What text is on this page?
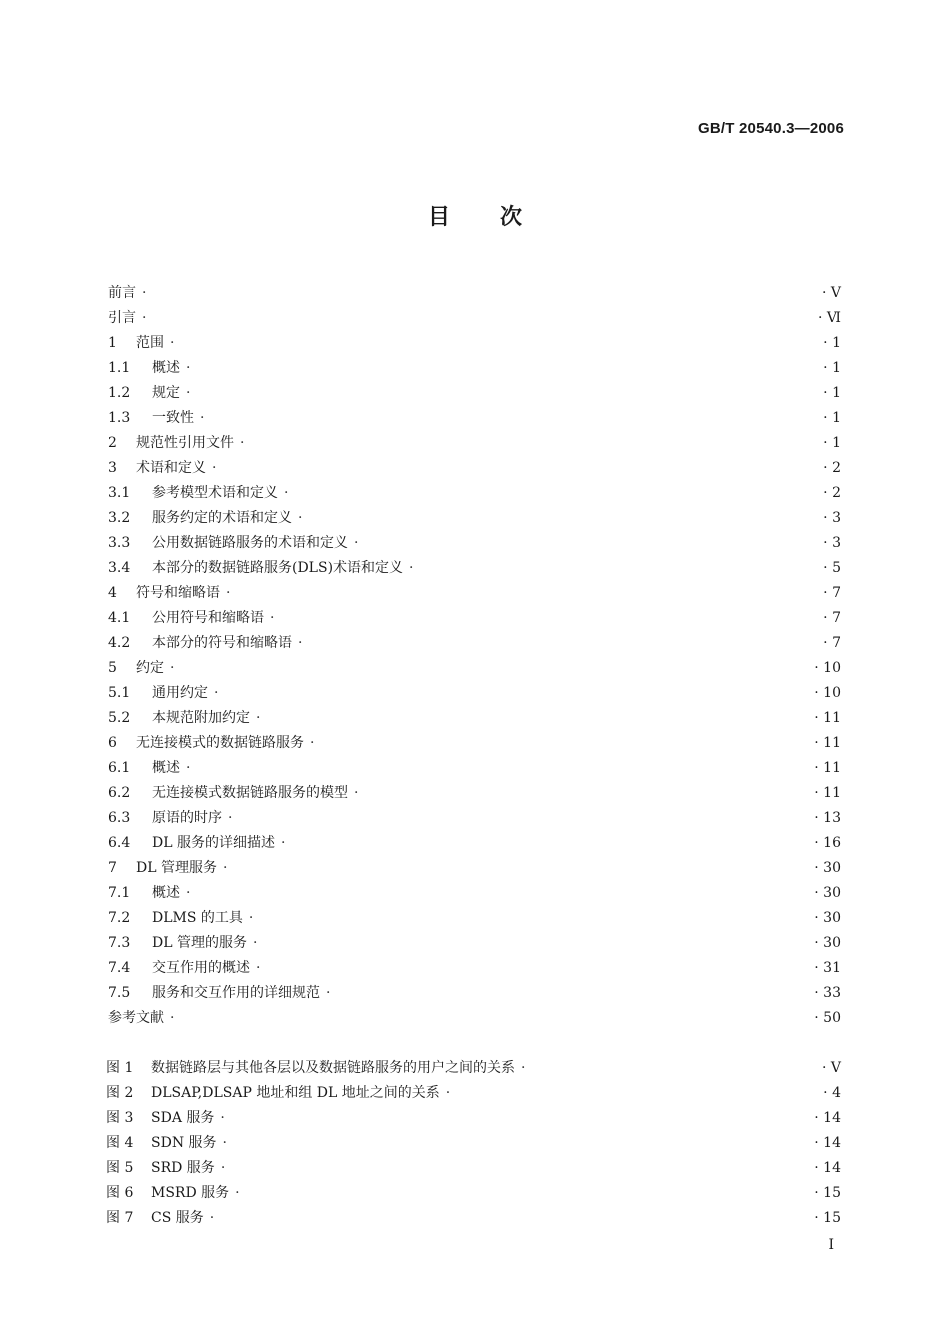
GB/T 20540.3—2006
目次
前言 ·	· V
引言 ·	· Ⅵ
1	范围 ·	· 1
1.1	概述 ·	· 1
1.2	规定 ·	· 1
1.3	一致性 ·	· 1
2	规范性引用文件 ·	· 1
3	术语和定义 ·	· 2
3.1	参考模型术语和定义 ·	· 2
3.2	服务约定的术语和定义 ·	· 3
3.3	公用数据链路服务的术语和定义 ·	· 3
3.4	本部分的数据链路服务(DLS)术语和定义 ·	· 5
4	符号和缩略语 ·	· 7
4.1	公用符号和缩略语 ·	· 7
4.2	本部分的符号和缩略语 ·	· 7
5	约定 ·	· 10
5.1	通用约定 ·	· 10
5.2	本规范附加约定 ·	· 11
6	无连接模式的数据链路服务 ·	· 11
6.1	概述 ·	· 11
6.2	无连接模式数据链路服务的模型 ·	· 11
6.3	原语的时序 ·	· 13
6.4	DL 服务的详细描述 ·	· 16
7	DL 管理服务 ·	· 30
7.1	概述 ·	· 30
7.2	DLMS 的工具 ·	· 30
7.3	DL 管理的服务 ·	· 30
7.4	交互作用的概述 ·	· 31
7.5	服务和交互作用的详细规范 ·	· 33
参考文献 ·	· 50
图 1	数据链路层与其他各层以及数据链路服务的用户之间的关系 ·	· V
图 2	DLSAP,DLSAP 地址和组 DL 地址之间的关系 ·	· 4
图 3	SDA 服务 ·	· 14
图 4	SDN 服务 ·	· 14
图 5	SRD 服务 ·	· 14
图 6	MSRD 服务 ·	· 15
图 7	CS 服务 ·	· 15
I
